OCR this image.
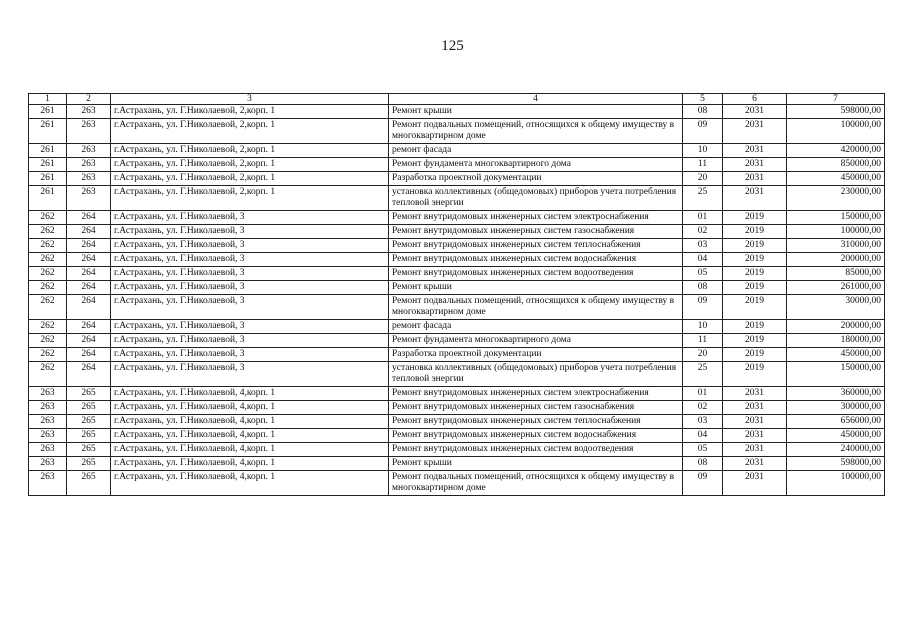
125
1	2	3	4	5	6	7
261	263	г.Астрахань, ул. Г.Николаевой, 2,корп. 1	Ремонт крыши	08	2031	598000,00
261	263	г.Астрахань, ул. Г.Николаевой, 2,корп. 1	Ремонт подвальных помещений, относящихся к общему имуществу в многоквартирном доме	09	2031	100000,00
261	263	г.Астрахань, ул. Г.Николаевой, 2,корп. 1	ремонт фасада	10	2031	420000,00
261	263	г.Астрахань, ул. Г.Николаевой, 2,корп. 1	Ремонт фундамента многоквартирного дома	11	2031	850000,00
261	263	г.Астрахань, ул. Г.Николаевой, 2,корп. 1	Разработка проектной документации	20	2031	450000,00
261	263	г.Астрахань, ул. Г.Николаевой, 2,корп. 1	установка коллективных (общедомовых) приборов учета потребления тепловой энергии	25	2031	230000,00
262	264	г.Астрахань, ул. Г.Николаевой, 3	Ремонт внутридомовых инженерных систем электроснабжения	01	2019	150000,00
262	264	г.Астрахань, ул. Г.Николаевой, 3	Ремонт внутридомовых инженерных систем газоснабжения	02	2019	100000,00
262	264	г.Астрахань, ул. Г.Николаевой, 3	Ремонт внутридомовых инженерных систем теплоснабжения	03	2019	310000,00
262	264	г.Астрахань, ул. Г.Николаевой, 3	Ремонт внутридомовых инженерных систем водоснабжения	04	2019	200000,00
262	264	г.Астрахань, ул. Г.Николаевой, 3	Ремонт внутридомовых инженерных систем водоотведения	05	2019	85000,00
262	264	г.Астрахань, ул. Г.Николаевой, 3	Ремонт крыши	08	2019	261000,00
262	264	г.Астрахань, ул. Г.Николаевой, 3	Ремонт подвальных помещений, относящихся к общему имуществу в многоквартирном доме	09	2019	30000,00
262	264	г.Астрахань, ул. Г.Николаевой, 3	ремонт фасада	10	2019	200000,00
262	264	г.Астрахань, ул. Г.Николаевой, 3	Ремонт фундамента многоквартирного дома	11	2019	180000,00
262	264	г.Астрахань, ул. Г.Николаевой, 3	Разработка проектной документации	20	2019	450000,00
262	264	г.Астрахань, ул. Г.Николаевой, 3	установка коллективных (общедомовых) приборов учета потребления тепловой энергии	25	2019	150000,00
263	265	г.Астрахань, ул. Г.Николаевой, 4,корп. 1	Ремонт внутридомовых инженерных систем электроснабжения	01	2031	360000,00
263	265	г.Астрахань, ул. Г.Николаевой, 4,корп. 1	Ремонт внутридомовых инженерных систем газоснабжения	02	2031	300000,00
263	265	г.Астрахань, ул. Г.Николаевой, 4,корп. 1	Ремонт внутридомовых инженерных систем теплоснабжения	03	2031	656000,00
263	265	г.Астрахань, ул. Г.Николаевой, 4,корп. 1	Ремонт внутридомовых инженерных систем водоснабжения	04	2031	450000,00
263	265	г.Астрахань, ул. Г.Николаевой, 4,корп. 1	Ремонт внутридомовых инженерных систем водоотведения	05	2031	240000,00
263	265	г.Астрахань, ул. Г.Николаевой, 4,корп. 1	Ремонт крыши	08	2031	598000,00
263	265	г.Астрахань, ул. Г.Николаевой, 4,корп. 1	Ремонт подвальных помещений, относящихся к общему имуществу в многоквартирном доме	09	2031	100000,00
